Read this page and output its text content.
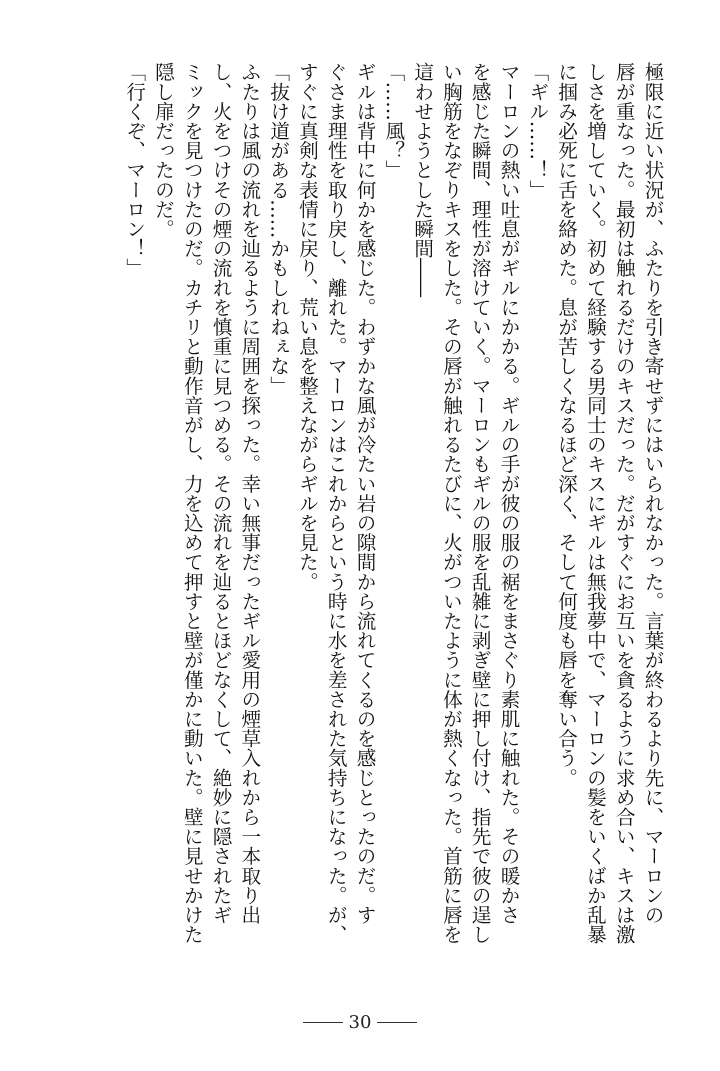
極限に近い状況が、ふたりを引き寄せずにはいられなかった。言葉が終わるより先に、マーロンの
唇が重なった。最初は触れるだけのキスだった。だがすぐにお互いを貪るように求め合い、キスは激
しさを増していく。初めて経験する男同士のキスにギルは無我夢中で、マーロンの髪をいくばか乱暴
に掴み必死に舌を絡めた。息が苦しくなるほど深く、そして何度も唇を奪い合う。

「ギル……！」

マーロンの熱い吐息がギルにかかる。ギルの手が彼の服の裾をまさぐり素肌に触れた。その暖かさ
を感じた瞬間、理性が溶けていく。マーロンもギルの服を乱雑に剥ぎ壁に押し付け、指先で彼の逞し
い胸筋をなぞりキスをした。その唇が触れるたびに、火がついたように体が熱くなった。首筋に唇を
這わせようとした瞬間――

「……風？」

ギルは背中に何かを感じた。わずかな風が冷たい岩の隙間から流れてくるのを感じとったのだ。す
ぐさま理性を取り戻し、離れた。マーロンはこれからという時に水を差された気持ちになった。が、
すぐに真剣な表情に戻り、荒い息を整えながらギルを見た。

「抜け道がある……かもしれねぇな」

ふたりは風の流れを辿るように周囲を探った。幸い無事だったギル愛用の煙草入れから一本取り出
し、火をつけその煙の流れを慎重に見つめる。その流れを辿るとほどなくして、絶妙に隠されたギ
ミックを見つけたのだ。カチリと動作音がし、力を込めて押すと壁が僅かに動いた。壁に見せかけた
隠し扉だったのだ。

「行くぞ、マーロン！」

30
